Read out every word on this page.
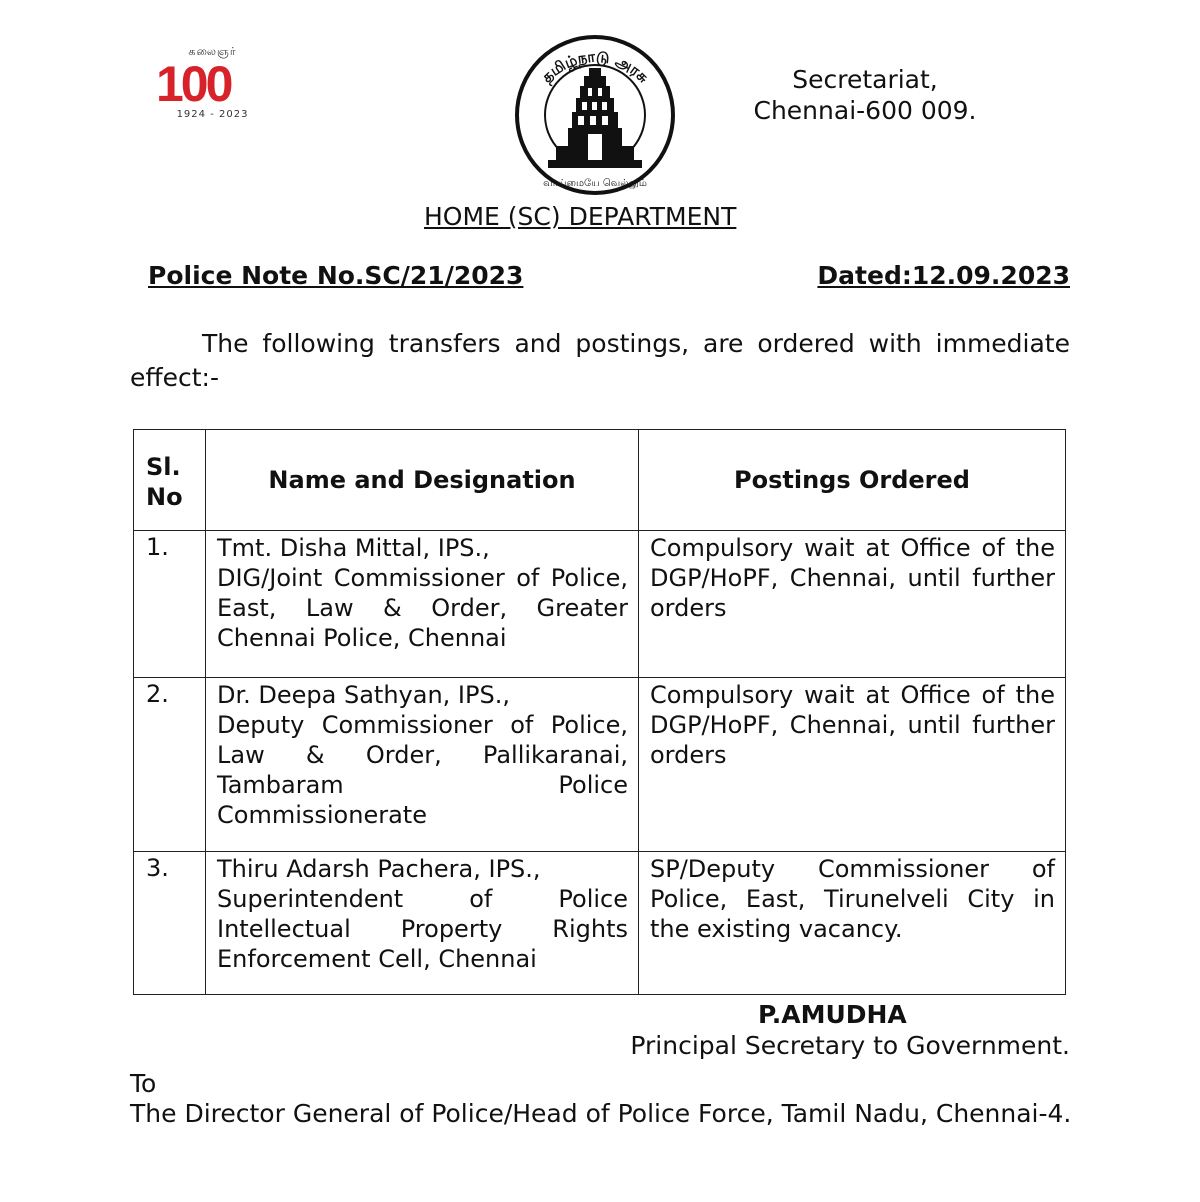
கலைஞர்
100
1924 - 2023
தமிழ்நாடு அரசு
வாய்மையே வெல்லும்
Secretariat,
Chennai-600 009.
HOME (SC) DEPARTMENT
Police Note No.SC/21/2023	Dated:12.09.2023
The following transfers and postings, are ordered with immediate effect:-
Sl.
No	Name and Designation	Postings Ordered
1.	Tmt. Disha Mittal, IPS.,
DIG/Joint Commissioner of Police, East, Law & Order, Greater Chennai Police, Chennai	Compulsory wait at Office of the DGP/HoPF, Chennai, until further orders
2.	Dr. Deepa Sathyan, IPS.,
Deputy Commissioner of Police, Law & Order, Pallikaranai, Tambaram Police Commissionerate	Compulsory wait at Office of the DGP/HoPF, Chennai, until further orders
3.	Thiru Adarsh Pachera, IPS.,
Superintendent of Police Intellectual Property Rights Enforcement Cell, Chennai	SP/Deputy Commissioner of Police, East, Tirunelveli City in the existing vacancy.
P.AMUDHA
Principal Secretary to Government.
To
The Director General of Police/Head of Police Force, Tamil Nadu, Chennai-4.
